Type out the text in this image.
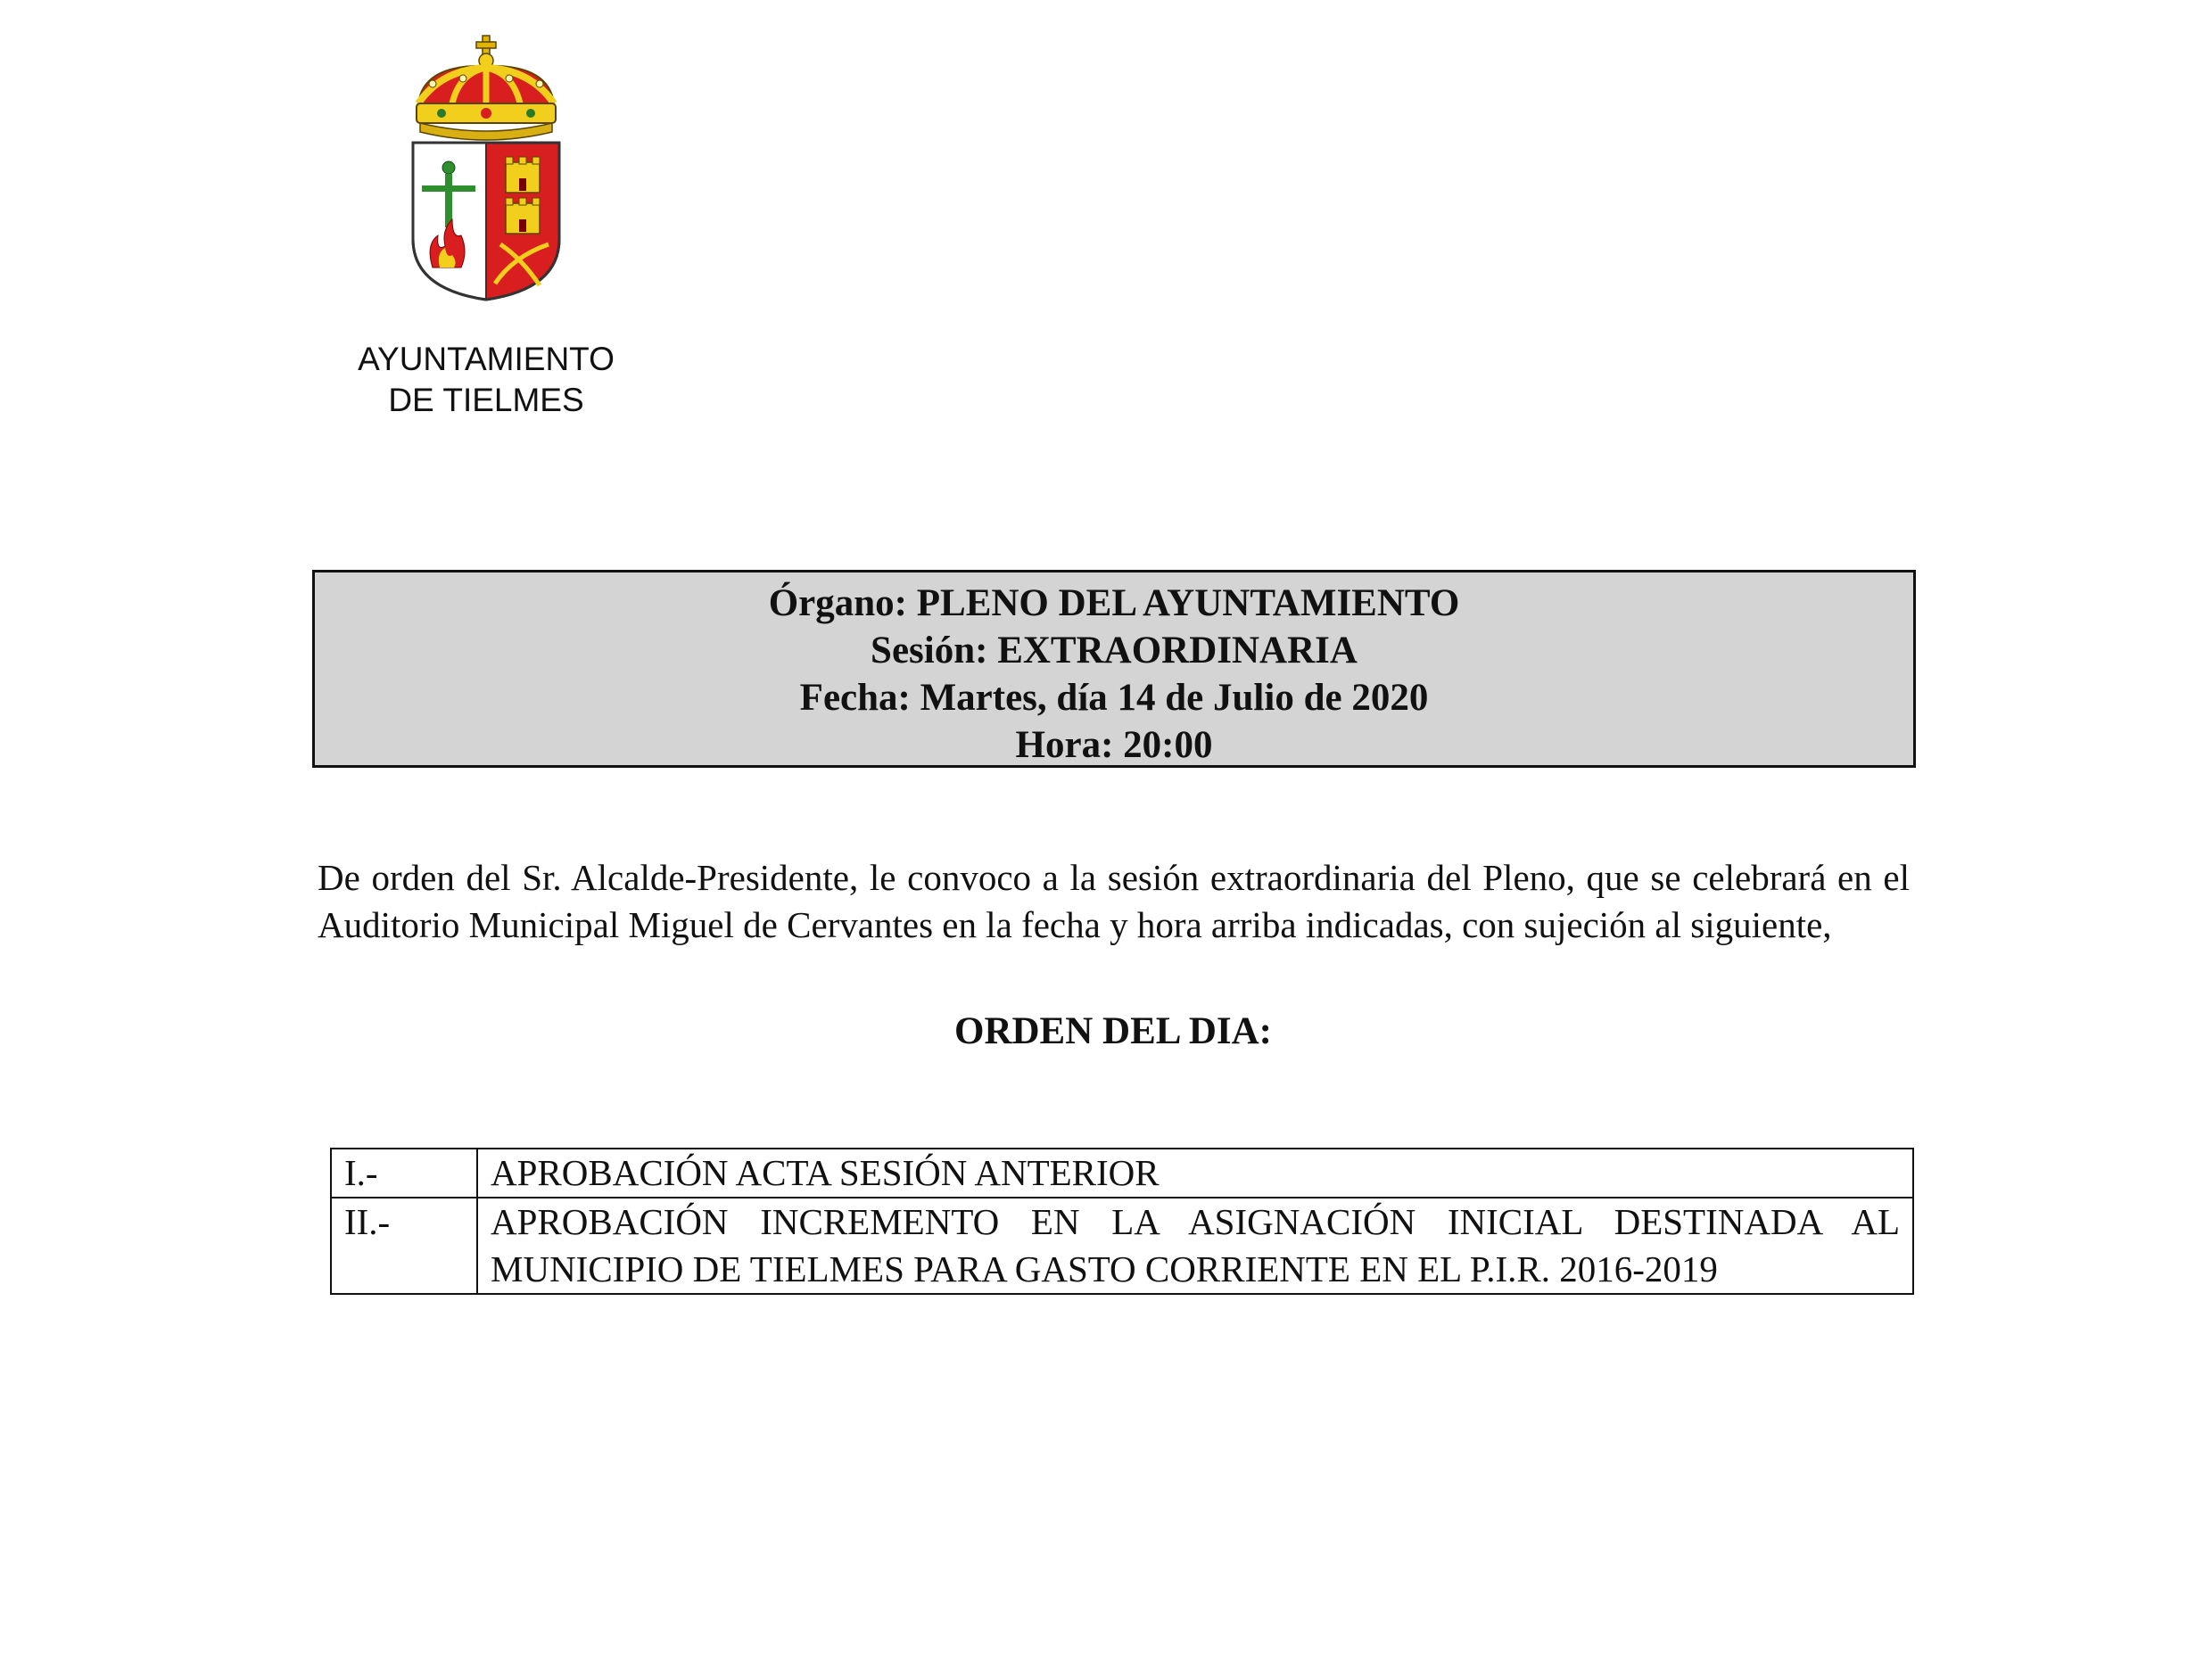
AYUNTAMIENTO
DE TIELMES
Órgano: PLENO DEL AYUNTAMIENTO
Sesión: EXTRAORDINARIA
Fecha: Martes, día 14 de Julio de 2020
Hora: 20:00

De orden del Sr. Alcalde-Presidente, le convoco a la sesión extraordinaria del Pleno, que se celebrará en el Auditorio Municipal Miguel de Cervantes en la fecha y hora arriba indicadas, con sujeción al siguiente,

ORDEN DEL DIA:
I.-	APROBACIÓN ACTA SESIÓN ANTERIOR
II.-	APROBACIÓN INCREMENTO EN LA ASIGNACIÓN INICIAL DESTINADA AL MUNICIPIO DE TIELMES PARA GASTO CORRIENTE EN EL P.I.R. 2016-2019
